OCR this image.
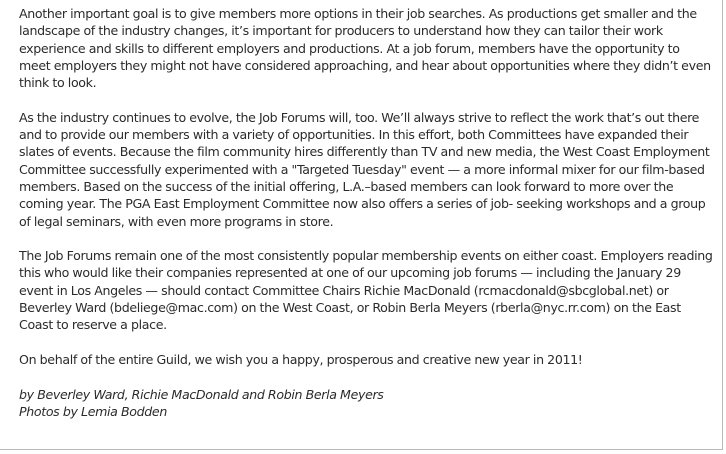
Another important goal is to give members more options in their job searches. As productions get smaller and the landscape of the industry changes, it’s important for producers to understand how they can tailor their work experience and skills to different employers and productions. At a job forum, members have the opportunity to meet employers they might not have considered approaching, and hear about opportunities where they didn’t even think to look.

As the industry continues to evolve, the Job Forums will, too. We’ll always strive to reflect the work that’s out there and to provide our members with a variety of opportunities. In this effort, both Committees have expanded their slates of events. Because the film community hires differently than TV and new media, the West Coast Employment Committee successfully experimented with a "Targeted Tuesday" event — a more informal mixer for our film-based members. Based on the success of the initial offering, L.A.–based members can look forward to more over the coming year. The PGA East Employment Committee now also offers a series of job- seeking workshops and a group of legal seminars, with even more programs in store.

The Job Forums remain one of the most consistently popular membership events on either coast. Employers reading this who would like their companies represented at one of our upcoming job forums — including the January 29 event in Los Angeles — should contact Committee Chairs Richie MacDonald (rcmacdonald@sbcglobal.net) or Beverley Ward (bdeliege@mac.com) on the West Coast, or Robin Berla Meyers (rberla@nyc.rr.com) on the East Coast to reserve a place.

On behalf of the entire Guild, we wish you a happy, prosperous and creative new year in 2011!

by Beverley Ward, Richie MacDonald and Robin Berla Meyers
Photos by Lemia Bodden
